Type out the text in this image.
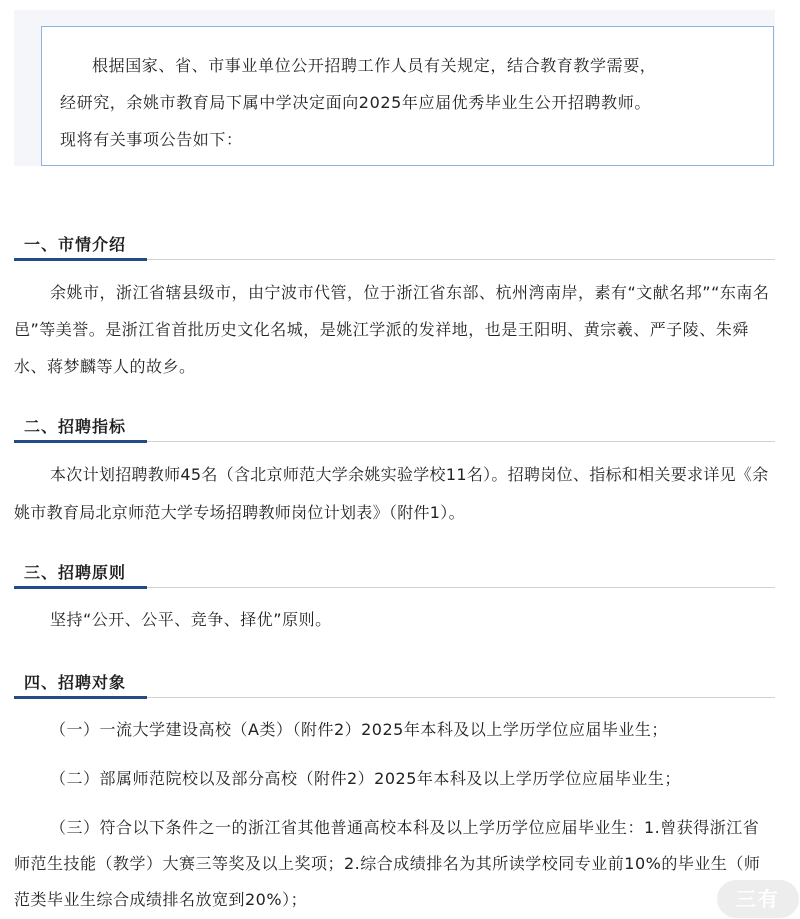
根据国家、省、市事业单位公开招聘工作人员有关规定，结合教育教学需要，

经研究，余姚市教育局下属中学决定面向2025年应届优秀毕业生公开招聘教师。

现将有关事项公告如下：

一、市情介绍

余姚市，浙江省辖县级市，由宁波市代管，位于浙江省东部、杭州湾南岸，素有“文献名邦”“东南名邑”等美誉。是浙江省首批历史文化名城，是姚江学派的发祥地，也是王阳明、黄宗羲、严子陵、朱舜水、蒋梦麟等人的故乡。

二、招聘指标

本次计划招聘教师45名（含北京师范大学余姚实验学校11名）。招聘岗位、指标和相关要求详见《余姚市教育局北京师范大学专场招聘教师岗位计划表》（附件1）。

三、招聘原则

坚持“公开、公平、竞争、择优”原则。

四、招聘对象

（一）一流大学建设高校（A类）（附件2）2025年本科及以上学历学位应届毕业生；

（二）部属师范院校以及部分高校（附件2）2025年本科及以上学历学位应届毕业生；

（三）符合以下条件之一的浙江省其他普通高校本科及以上学历学位应届毕业生：1.曾获得浙江省师范生技能（教学）大赛三等奖及以上奖项；2.综合成绩排名为其所读学校同专业前10%的毕业生（师范类毕业生综合成绩排名放宽到20%）；	三有
